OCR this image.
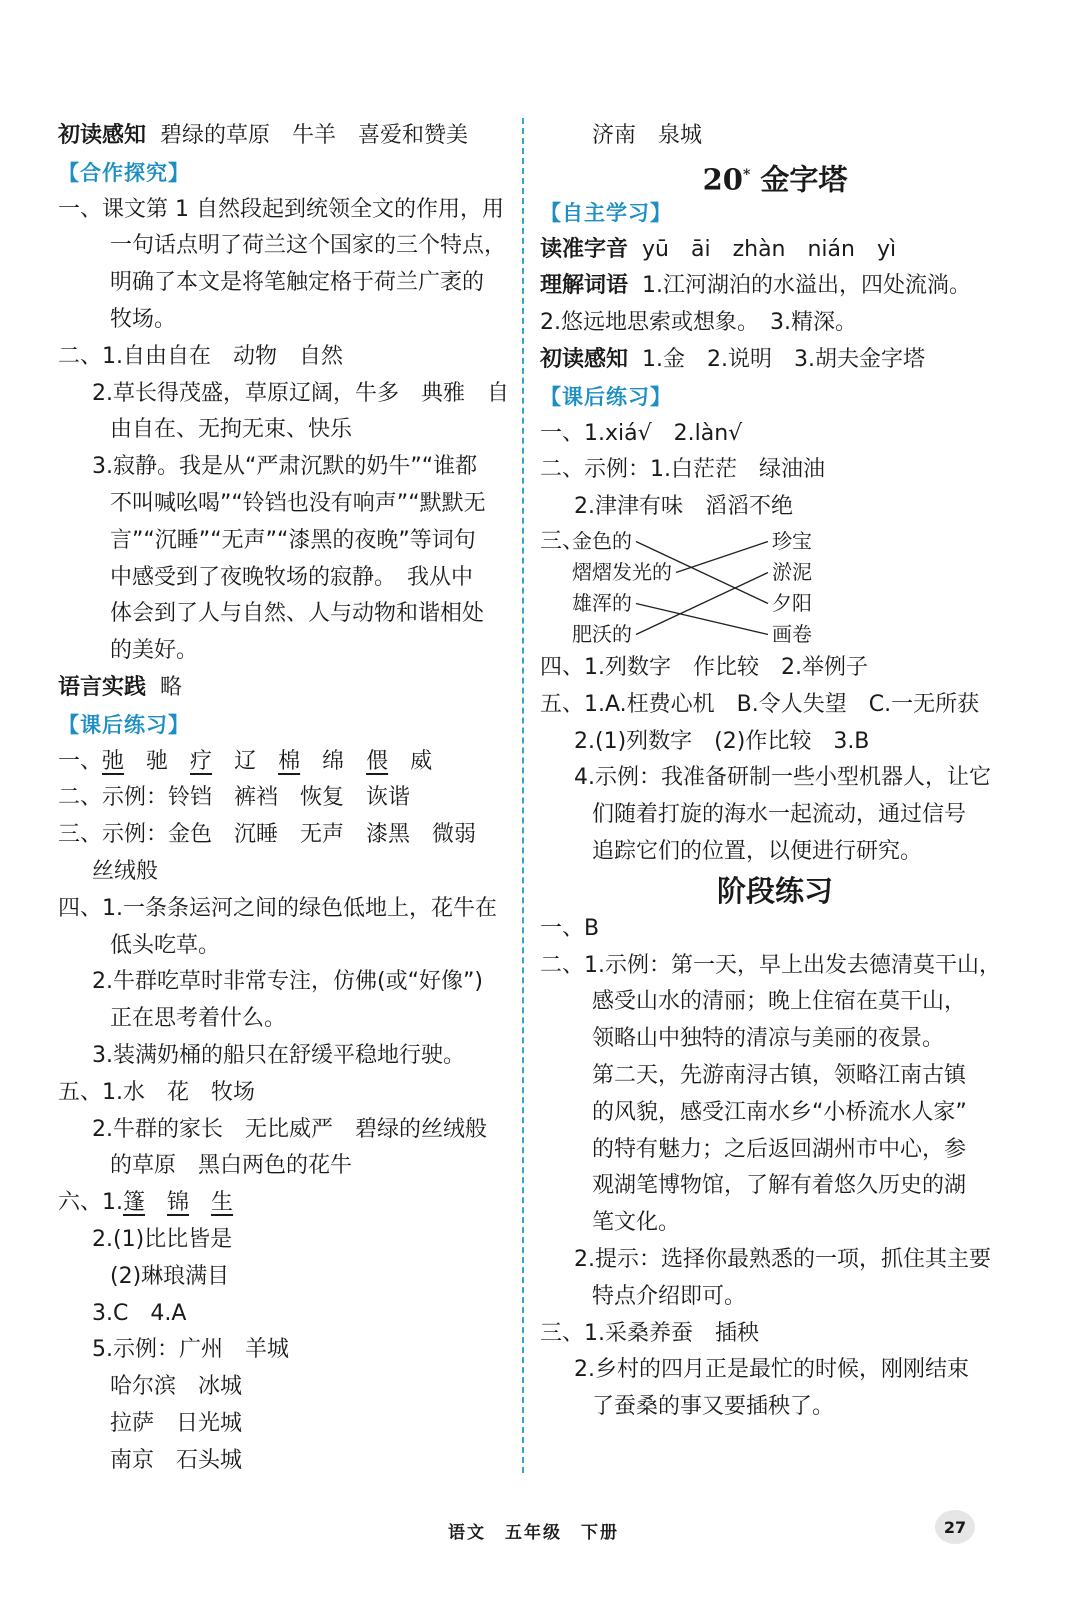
初读感知 碧绿的草原　牛羊　喜爱和赞美
【合作探究】
一、课文第 1 自然段起到统领全文的作用，用
一句话点明了荷兰这个国家的三个特点，
明确了本文是将笔触定格于荷兰广袤的
牧场。
二、1.自由自在　动物　自然
2.草长得茂盛，草原辽阔，牛多　典雅　自
由自在、无拘无束、快乐
3.寂静。我是从“严肃沉默的奶牛”“谁都
不叫喊吆喝”“铃铛也没有响声”“默默无
言”“沉睡”“无声”“漆黑的夜晚”等词句
中感受到了夜晚牧场的寂静。　我从中
体会到了人与自然、人与动物和谐相处
的美好。
语言实践 略
【课后练习】
一、弛 驰 疗 辽 棉 绵 偎 威
二、示例：铃铛　裤裆　恢复　诙谐
三、示例：金色　沉睡　无声　漆黑　微弱
丝绒般
四、1.一条条运河之间的绿色低地上，花牛在
低头吃草。
2.牛群吃草时非常专注，仿佛(或“好像”)
正在思考着什么。
3.装满奶桶的船只在舒缓平稳地行驶。
五、1.水　花　牧场
2.牛群的家长　无比威严　碧绿的丝绒般
的草原　黑白两色的花牛
六、1.篷 锦 生
2.(1)比比皆是
(2)琳琅满目
3.C　4.A
5.示例：广州　羊城
哈尔滨　冰城
拉萨　日光城
南京　石头城
济南　泉城
20* 金字塔
【自主学习】
读准字音 yū　āi　zhàn　nián　yì
理解词语 1.江河湖泊的水溢出，四处流淌。
2.悠远地思索或想象。　3.精深。
初读感知 1.金　2.说明　3.胡夫金字塔
【课后练习】
一、1.xiá√　2.làn√
二、示例：1.白茫茫　绿油油
2.津津有味　滔滔不绝
三、
金色的
熠熠发光的
雄浑的
肥沃的
珍宝
淤泥
夕阳
画卷
四、1.列数字　作比较　2.举例子
五、1.A.枉费心机　B.令人失望　C.一无所获
2.(1)列数字　(2)作比较　3.B
4.示例：我准备研制一些小型机器人，让它
们随着打旋的海水一起流动，通过信号
追踪它们的位置，以便进行研究。
阶段练习
一、B
二、1.示例：第一天，早上出发去德清莫干山，
感受山水的清丽；晚上住宿在莫干山，
领略山中独特的清凉与美丽的夜景。
第二天，先游南浔古镇，领略江南古镇
的风貌，感受江南水乡“小桥流水人家”
的特有魅力；之后返回湖州市中心，参
观湖笔博物馆，了解有着悠久历史的湖
笔文化。
2.提示：选择你最熟悉的一项，抓住其主要
特点介绍即可。
三、1.采桑养蚕　插秧
2.乡村的四月正是最忙的时候，刚刚结束
了蚕桑的事又要插秧了。
语文　五年级　下册	27
